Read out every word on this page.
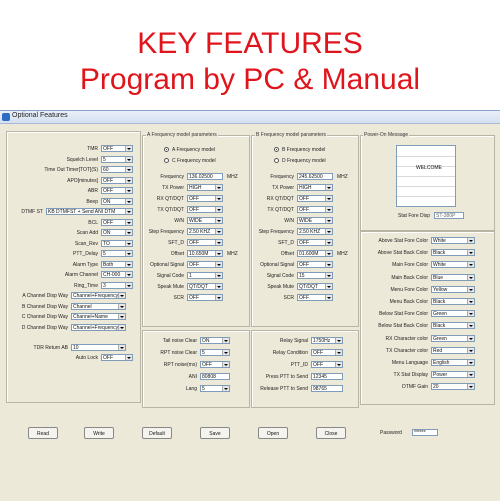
KEY FEATURES
Program by PC & Manual
Optional Features
A Frequency model parameters	B Frequency model parameters	Power-On Message
TMR	OFF
Squelch Level	5
Time Out Timer[TOT](S)	60
APO[minutes]	OFF
ABR	OFF
Beep	ON
DTMF ST	KB DTMFST + Send ANI DTM
BCL	OFF
Scan Add	ON
Scan_Rev	TO
PTT_Delay	5
Alarm Type	Both
Alarm Channel	CH-000
Ring_Time	3
A Channel Disp Way	Channel+Frequency
B Channel Disp Way	Channel
C Channel Disp Way	Channel+Name
D Channel Disp Way	Channel+Frequency
TDR Return AB	10
Auto Lock	OFF
Frequency	136.02500	MHZ
TX Power	HIGH
RX QT/DQT	OFF
TX QT/DQT	OFF
W/N	WIDE
Step Frequency	2.50 KHZ
SFT_D	OFF
Offset	10.650M	MHZ
Optional Signal	OFF
Signal Code	1
Speak Mute	QT/DQT
SCR	OFF
Frequency	245.62500	MHZ
TX Power	HIGH
RX QT/DQT	OFF
TX QT/DQT	OFF
W/N	WIDE
Step Frequency	2.50 KHZ
SFT_D	OFF
Offset	01.600M	MHZ
Optional Signal	OFF
Signal Code	15
Speak Mute	QT/DQT
SCR	OFF
Tail noise Clear	ON
RPT noise Clear	5
RPT noise(ms)	OFF
ANI	80808
Lang	5
Relay Signal	1750Hz
Relay Condition	OFF
PTT_ID	OFF
Press PTT to Send	12345
Release PTT to Send	98765
Above Stat Fore Color	White
Above Stat Back Color	Black
Main Fore Color	White
Main Back Color	Blue
Menu Fore Color	Yellow
Menu Back Color	Black
Below Stat Fore Color	Green
Below Stat Back Color	Black
RX Character color	Green
TX Character color	Red
Menu Language	English
TX Stat Display	Power
DTMF Gain	20
A Frequency model
C Frequency model
B Frequency model
D Frequency model
WELCOME
Stat Fore Disp	ST-380P
Read	Write	Default	Save	Open	Close	Password	******
